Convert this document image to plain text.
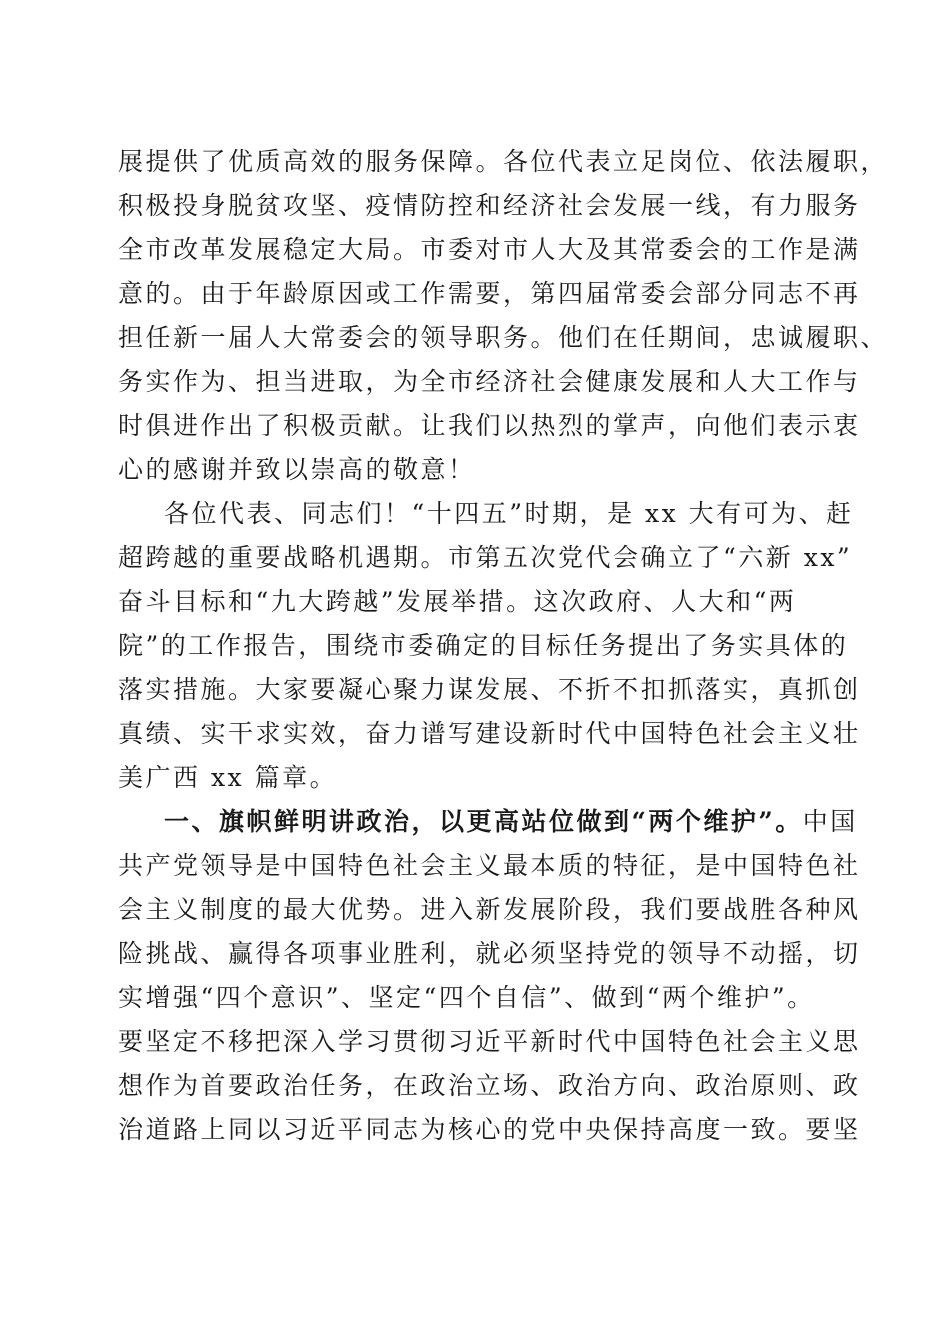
展提供了优质高效的服务保障。各位代表立足岗位、依法履职，
积极投身脱贫攻坚、疫情防控和经济社会发展一线，有力服务
全市改革发展稳定大局。市委对市人大及其常委会的工作是满
意的。由于年龄原因或工作需要，第四届常委会部分同志不再
担任新一届人大常委会的领导职务。他们在任期间，忠诚履职、
务实作为、担当进取，为全市经济社会健康发展和人大工作与
时俱进作出了积极贡献。让我们以热烈的掌声，向他们表示衷
心的感谢并致以崇高的敬意！
各位代表、同志们！“十四五”时期，是 xx 大有可为、赶
超跨越的重要战略机遇期。市第五次党代会确立了“六新 xx”
奋斗目标和“九大跨越”发展举措。这次政府、人大和“两
院”的工作报告，围绕市委确定的目标任务提出了务实具体的
落实措施。大家要凝心聚力谋发展、不折不扣抓落实，真抓创
真绩、实干求实效，奋力谱写建设新时代中国特色社会主义壮
美广西 xx 篇章。
一、旗帜鲜明讲政治，以更高站位做到“两个维护”。中国
共产党领导是中国特色社会主义最本质的特征，是中国特色社
会主义制度的最大优势。进入新发展阶段，我们要战胜各种风
险挑战、赢得各项事业胜利，就必须坚持党的领导不动摇，切
实增强“四个意识”、坚定“四个自信”、做到“两个维护”。
要坚定不移把深入学习贯彻习近平新时代中国特色社会主义思
想作为首要政治任务，在政治立场、政治方向、政治原则、政
治道路上同以习近平同志为核心的党中央保持高度一致。要坚
